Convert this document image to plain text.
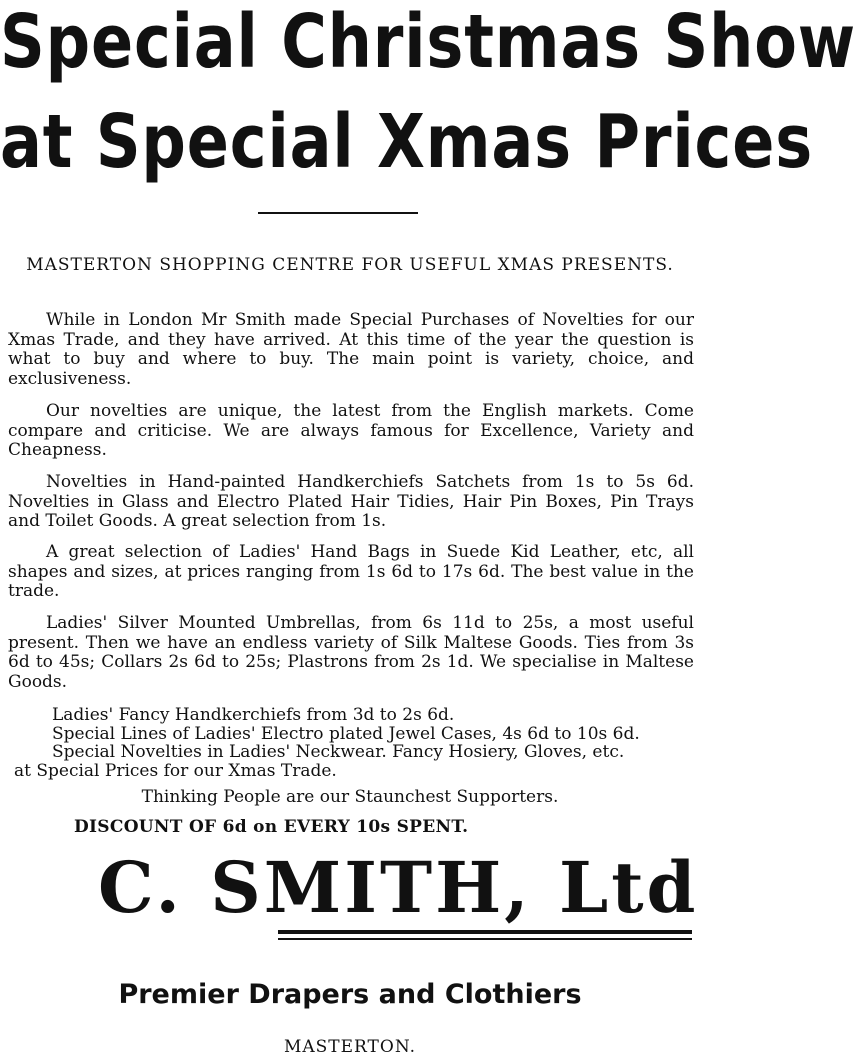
Special Christmas Show
at Special Xmas Prices
MASTERTON SHOPPING CENTRE FOR USEFUL XMAS PRESENTS.

While in London Mr Smith made Special Purchases of Novelties for our Xmas Trade, and they have arrived. At this time of the year the question is what to buy and where to buy. The main point is variety, choice, and exclusiveness.

Our novelties are unique, the latest from the English markets. Come compare and criticise. We are always famous for Excellence, Variety and Cheapness.

Novelties in Hand-painted Handkerchiefs Satchets from 1s to 5s 6d. Novelties in Glass and Electro Plated Hair Tidies, Hair Pin Boxes, Pin Trays and Toilet Goods. A great selection from 1s.

A great selection of Ladies' Hand Bags in Suede Kid Leather, etc, all shapes and sizes, at prices ranging from 1s 6d to 17s 6d. The best value in the trade.

Ladies' Silver Mounted Umbrellas, from 6s 11d to 25s, a most useful present. Then we have an endless variety of Silk Maltese Goods. Ties from 3s 6d to 45s; Collars 2s 6d to 25s; Plastrons from 2s 1d. We specialise in Maltese Goods.

Ladies' Fancy Handkerchiefs from 3d to 2s 6d.
Special Lines of Ladies' Electro plated Jewel Cases, 4s 6d to 10s 6d.
Special Novelties in Ladies' Neckwear. Fancy Hosiery, Gloves, etc.
at Special Prices for our Xmas Trade.
Thinking People are our Staunchest Supporters.
DISCOUNT OF 6d on EVERY 10s SPENT.
C. SMITH, Ltd
Premier Drapers and Clothiers
MASTERTON.
